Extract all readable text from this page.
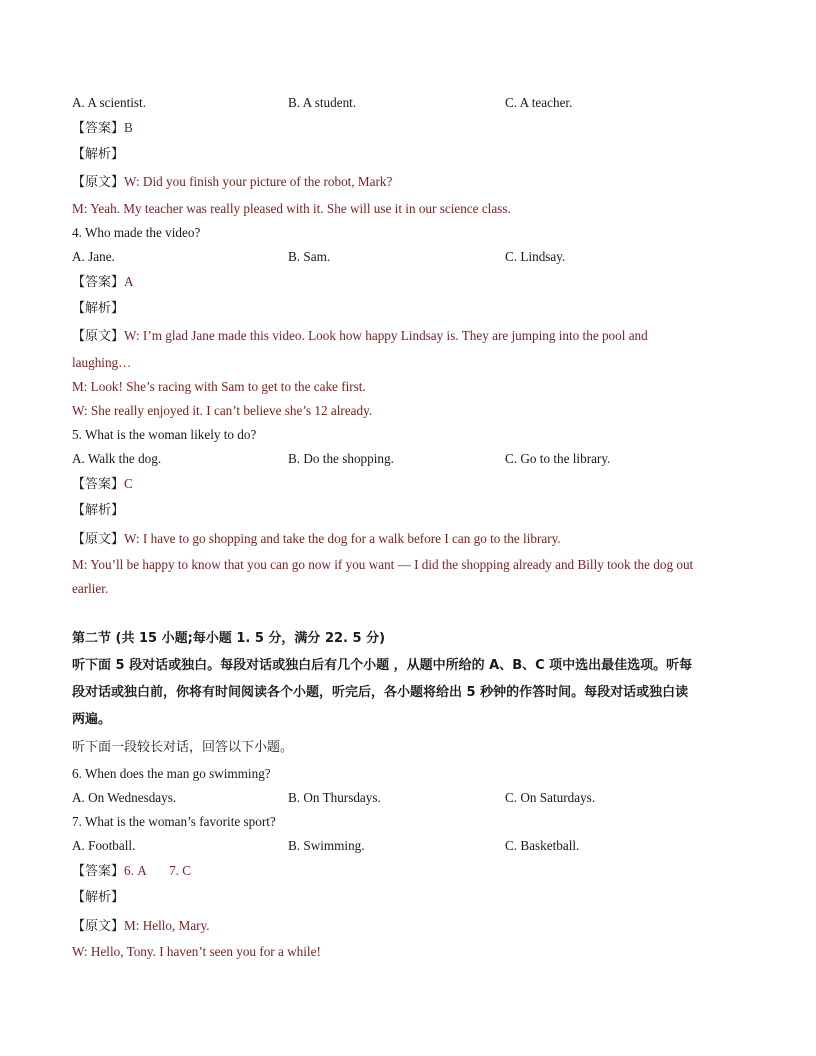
A. A scientist.	B. A student.	C. A teacher.
【答案】B
【解析】
【原文】W: Did you finish your picture of the robot, Mark?
M: Yeah. My teacher was really pleased with it. She will use it in our science class.
4. Who made the video?
A. Jane.	B. Sam.	C. Lindsay.
【答案】A
【解析】
【原文】W: I’m glad Jane made this video. Look how happy Lindsay is. They are jumping into the pool and
laughing…
M: Look! She’s racing with Sam to get to the cake first.
W: She really enjoyed it. I can’t believe she’s 12 already.
5. What is the woman likely to do?
A. Walk the dog.	B. Do the shopping.	C. Go to the library.
【答案】C
【解析】
【原文】W: I have to go shopping and take the dog for a walk before I can go to the library.
M: You’ll be happy to know that you can go now if you want — I did the shopping already and Billy took the dog out
earlier.
第二节 (共 15 小题;每小题 1. 5 分，满分 22. 5 分)
听下面 5 段对话或独白。每段对话或独白后有几个小题 ，从题中所给的 A、B、C 项中选出最佳选项。听每
段对话或独白前，你将有时间阅读各个小题，听完后，各小题将给出 5 秒钟的作答时间。每段对话或独白读
两遍。
听下面一段较长对话，回答以下小题。
6. When does the man go swimming?
A. On Wednesdays.	B. On Thursdays.	C. On Saturdays.
7. What is the woman’s favorite sport?
A. Football.	B. Swimming.	C. Basketball.
【答案】6. A       7. C
【解析】
【原文】M: Hello, Mary.
W: Hello, Tony. I haven’t seen you for a while!
